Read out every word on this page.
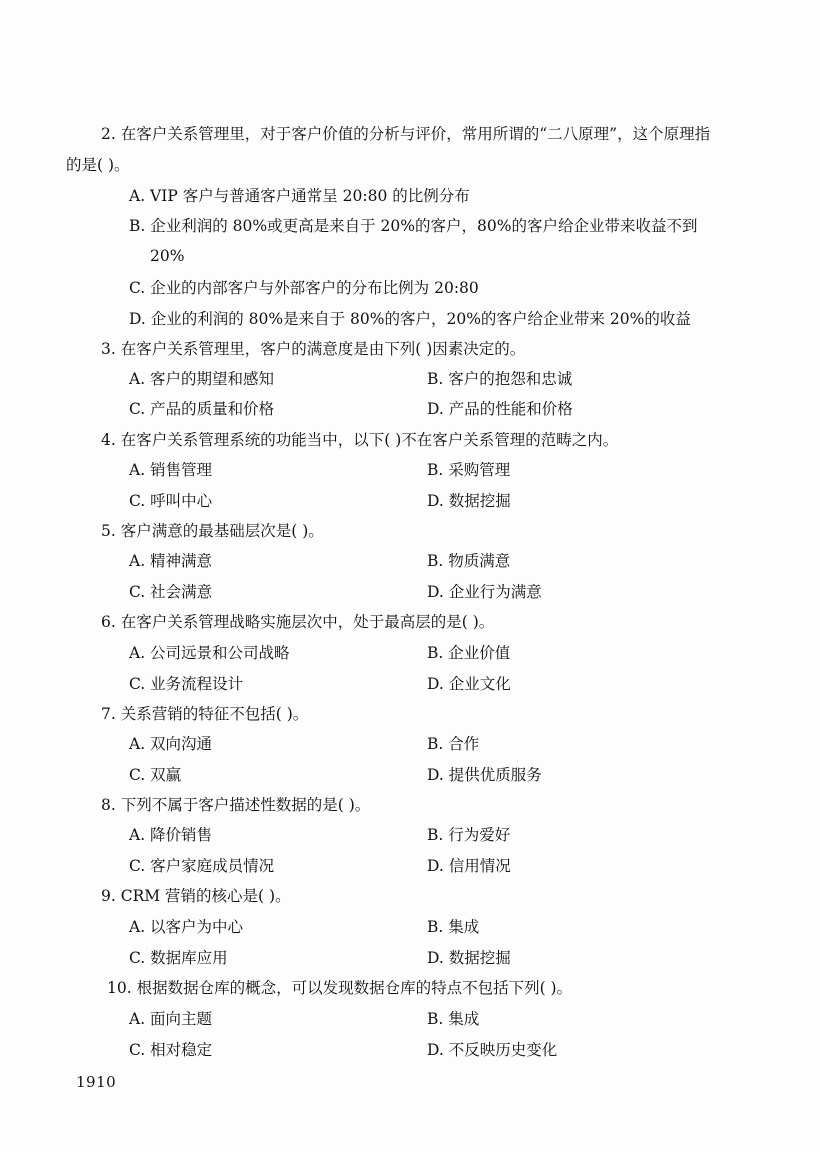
2. 在客户关系管理里，对于客户价值的分析与评价，常用所谓的“二八原理”，这个原理指
的是( )。
A. VIP 客户与普通客户通常呈 20:80 的比例分布
B. 企业利润的 80%或更高是来自于 20%的客户，80%的客户给企业带来收益不到
20%
C. 企业的内部客户与外部客户的分布比例为 20:80
D. 企业的利润的 80%是来自于 80%的客户，20%的客户给企业带来 20%的收益
3. 在客户关系管理里，客户的满意度是由下列( )因素决定的。
A. 客户的期望和感知	B. 客户的抱怨和忠诚
C. 产品的质量和价格	D. 产品的性能和价格
4. 在客户关系管理系统的功能当中，以下( )不在客户关系管理的范畴之内。
A. 销售管理	B. 采购管理
C. 呼叫中心	D. 数据挖掘
5. 客户满意的最基础层次是( )。
A. 精神满意	B. 物质满意
C. 社会满意	D. 企业行为满意
6. 在客户关系管理战略实施层次中，处于最高层的是( )。
A. 公司远景和公司战略	B. 企业价值
C. 业务流程设计	D. 企业文化
7. 关系营销的特征不包括( )。
A. 双向沟通	B. 合作
C. 双赢	D. 提供优质服务
8. 下列不属于客户描述性数据的是( )。
A. 降价销售	B. 行为爱好
C. 客户家庭成员情况	D. 信用情况
9. CRM 营销的核心是( )。
A. 以客户为中心	B. 集成
C. 数据库应用	D. 数据挖掘
10. 根据数据仓库的概念，可以发现数据仓库的特点不包括下列( )。
A. 面向主题	B. 集成
C. 相对稳定	D. 不反映历史变化
1910
